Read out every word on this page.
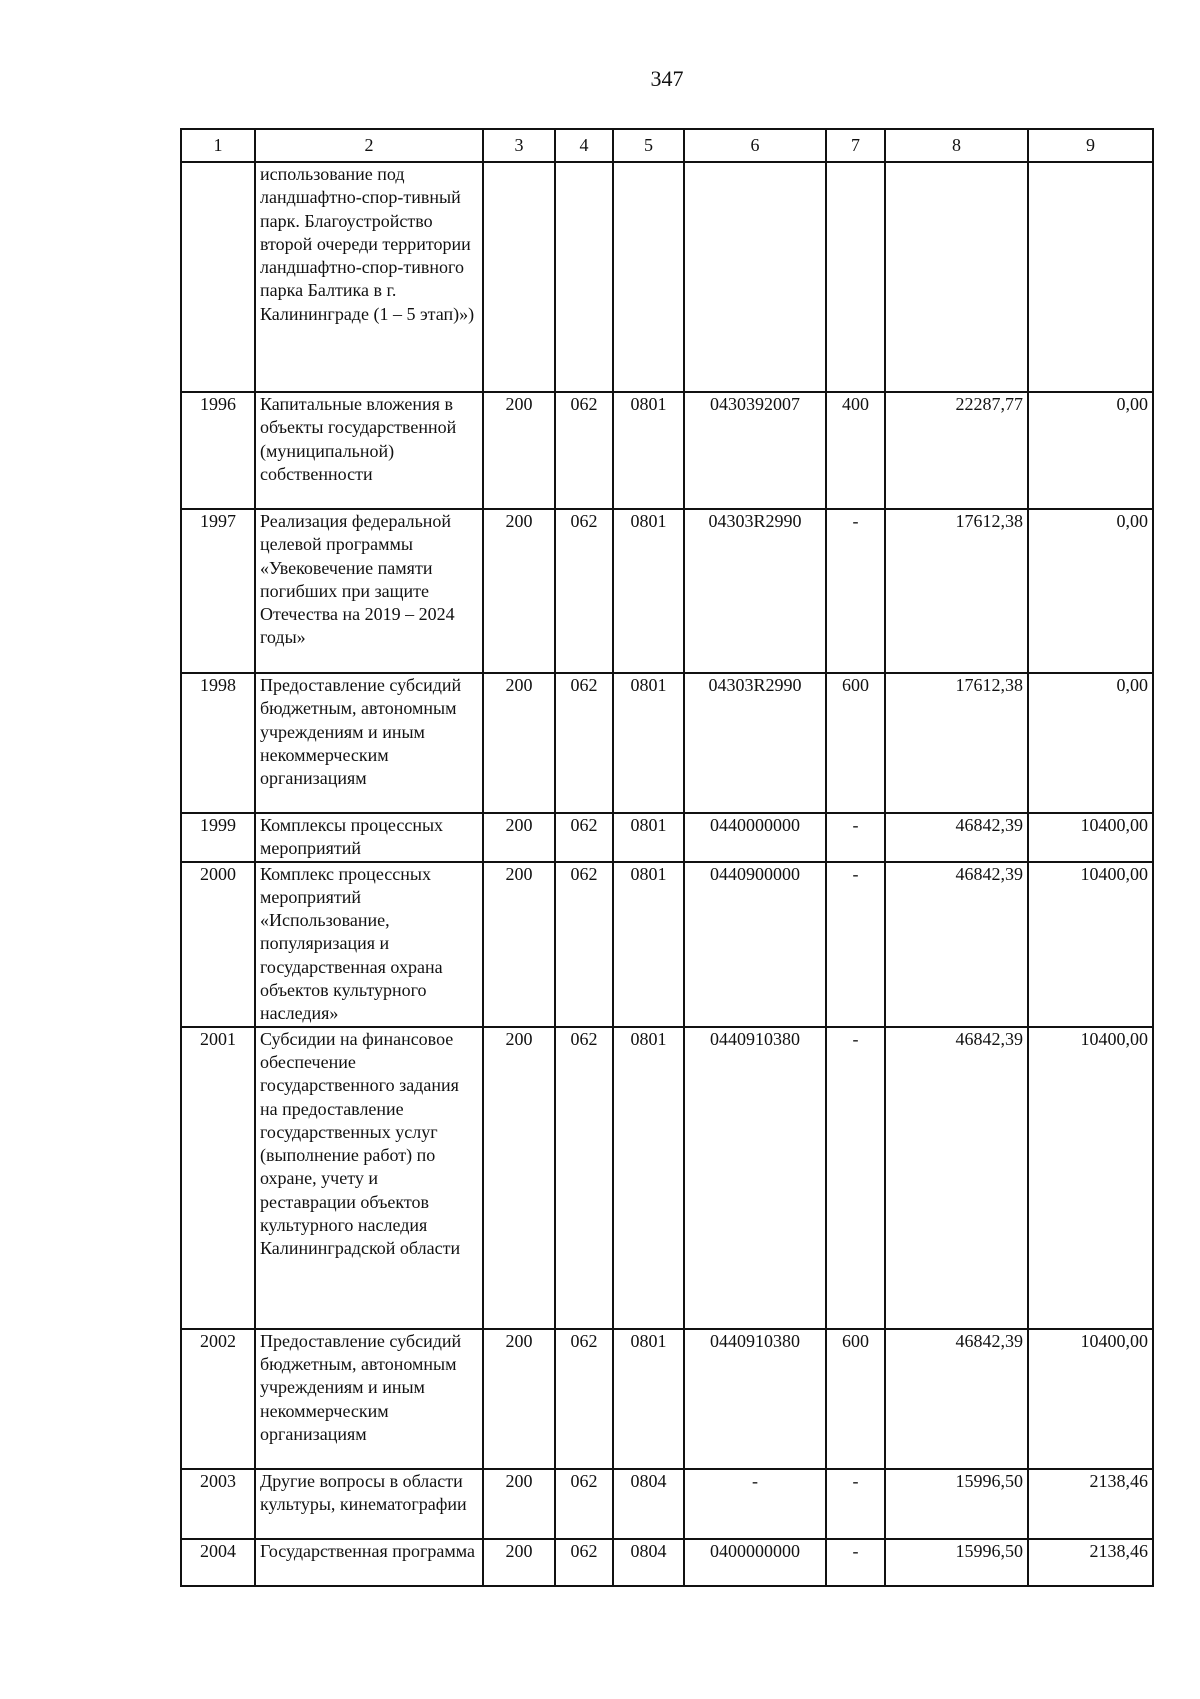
347
1	2	3	4	5	6	7	8	9
	использование под ландшафтно-спор-тивный парк. Благоустройство второй очереди территории ландшафтно-спор-тивного парка Балтика в г. Калининграде (1 – 5 этап)»)							
1996	Капитальные вложения в объекты государственной (муниципальной) собственности	200	062	0801	0430392007	400	22287,77	0,00
1997	Реализация федеральной целевой программы «Увековечение памяти погибших при защите Отечества на 2019 – 2024 годы»	200	062	0801	04303R2990	-	17612,38	0,00
1998	Предоставление субсидий бюджетным, автономным учреждениям и иным некоммерческим организациям	200	062	0801	04303R2990	600	17612,38	0,00
1999	Комплексы процессных мероприятий	200	062	0801	0440000000	-	46842,39	10400,00
2000	Комплекс процессных мероприятий «Использование, популяризация и государственная охрана объектов культурного наследия»	200	062	0801	0440900000	-	46842,39	10400,00
2001	Субсидии на финансовое обеспечение государственного задания на предоставление государственных услуг (выполнение работ) по охране, учету и реставрации объектов культурного наследия Калининградской области	200	062	0801	0440910380	-	46842,39	10400,00
2002	Предоставление субсидий бюджетным, автономным учреждениям и иным некоммерческим организациям	200	062	0801	0440910380	600	46842,39	10400,00
2003	Другие вопросы в области культуры, кинематографии	200	062	0804	-	-	15996,50	2138,46
2004	Государственная программа	200	062	0804	0400000000	-	15996,50	2138,46
